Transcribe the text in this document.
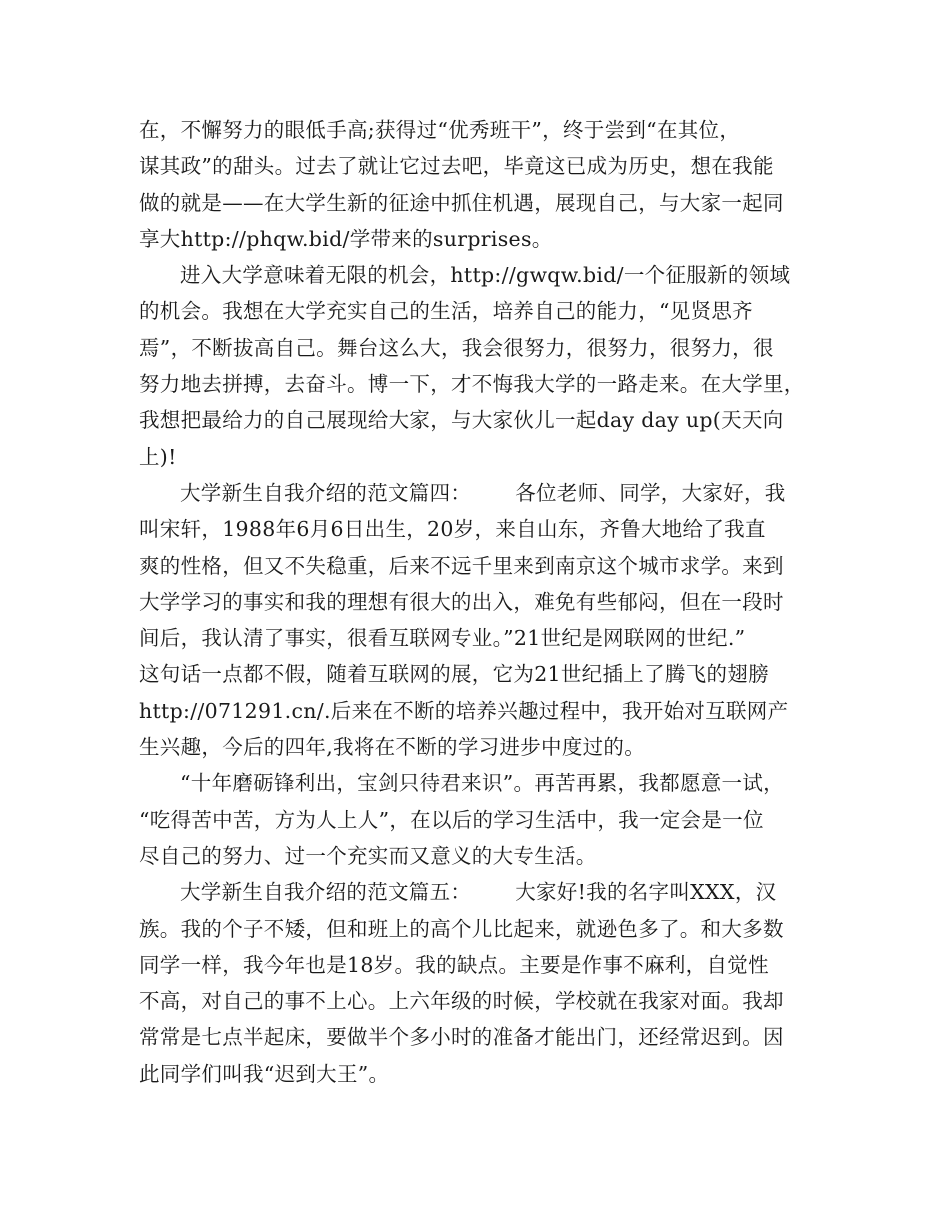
在，不懈努力的眼低手高;获得过“优秀班干”，终于尝到“在其位，
谋其政”的甜头。过去了就让它过去吧，毕竟这已成为历史，想在我能
做的就是——在大学生新的征途中抓住机遇，展现自己，与大家一起同
享大http://phqw.bid/学带来的surprises。
进入大学意味着无限的机会，http://gwqw.bid/一个征服新的领域
的机会。我想在大学充实自己的生活，培养自己的能力，“见贤思齐
焉”，不断拔高自己。舞台这么大，我会很努力，很努力，很努力，很
努力地去拼搏，去奋斗。博一下，才不悔我大学的一路走来。在大学里，
我想把最给力的自己展现给大家，与大家伙儿一起day day up(天天向
上)!
大学新生自我介绍的范文篇四： 各位老师、同学，大家好，我
叫宋轩，1988年6月6日出生，20岁，来自山东，齐鲁大地给了我直
爽的性格，但又不失稳重，后来不远千里来到南京这个城市求学。来到
大学学习的事实和我的理想有很大的出入，难免有些郁闷，但在一段时
间后，我认清了事实，很看互联网专业。”21世纪是网联网的世纪.”
这句话一点都不假，随着互联网的展，它为21世纪插上了腾飞的翅膀
http://071291.cn/.后来在不断的培养兴趣过程中，我开始对互联网产
生兴趣，今后的四年,我将在不断的学习进步中度过的。
“十年磨砺锋利出，宝剑只待君来识”。再苦再累，我都愿意一试，
“吃得苦中苦，方为人上人”，在以后的学习生活中，我一定会是一位
尽自己的努力、过一个充实而又意义的大专生活。
大学新生自我介绍的范文篇五： 大家好!我的名字叫XXX，汉
族。我的个子不矮，但和班上的高个儿比起来，就逊色多了。和大多数
同学一样，我今年也是18岁。我的缺点。主要是作事不麻利，自觉性
不高，对自己的事不上心。上六年级的时候，学校就在我家对面。我却
常常是七点半起床，要做半个多小时的准备才能出门，还经常迟到。因
此同学们叫我“迟到大王”。
